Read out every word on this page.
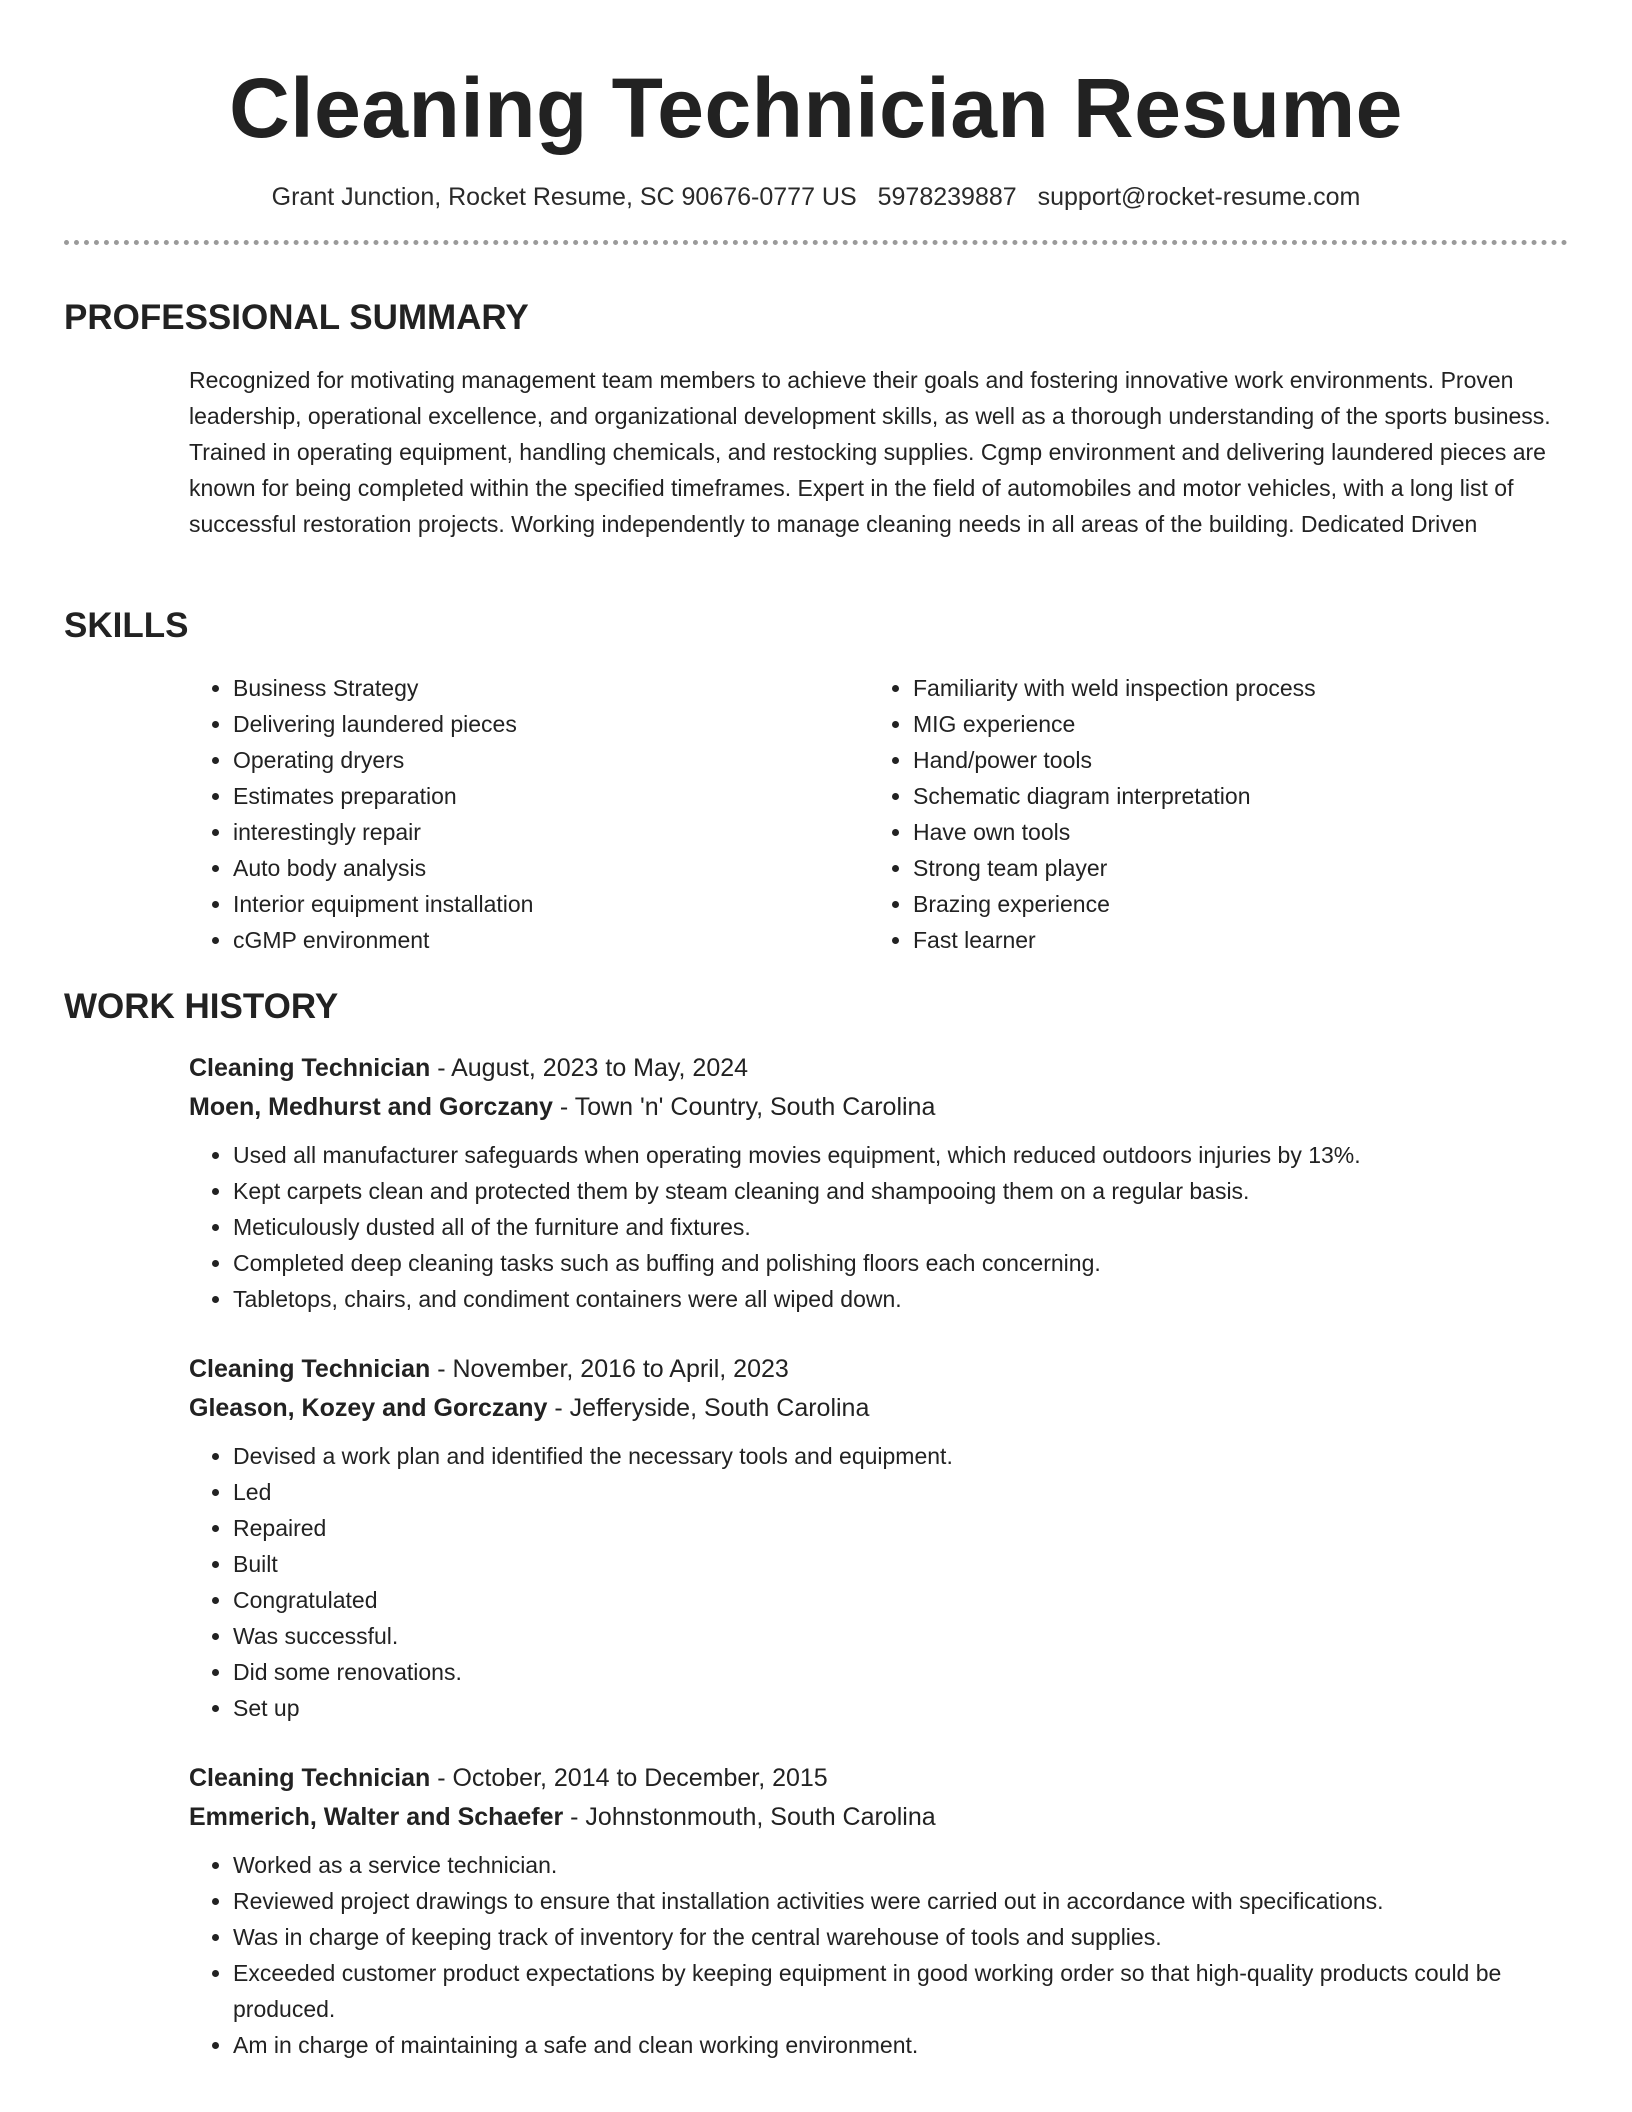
Cleaning Technician Resume
Grant Junction, Rocket Resume, SC 90676-0777 US 5978239887 support@rocket-resume.com
PROFESSIONAL SUMMARY

Recognized for motivating management team members to achieve their goals and fostering innovative work environments. Proven leadership, operational excellence, and organizational development skills, as well as a thorough understanding of the sports business. Trained in operating equipment, handling chemicals, and restocking supplies. Cgmp environment and delivering laundered pieces are known for being completed within the specified timeframes. Expert in the field of automobiles and motor vehicles, with a long list of successful restoration projects. Working independently to manage cleaning needs in all areas of the building. Dedicated Driven

SKILLS
• Business Strategy
• Delivering laundered pieces
• Operating dryers
• Estimates preparation
• interestingly repair
• Auto body analysis
• Interior equipment installation
• cGMP environment
• Familiarity with weld inspection process
• MIG experience
• Hand/power tools
• Schematic diagram interpretation
• Have own tools
• Strong team player
• Brazing experience
• Fast learner
WORK HISTORY

Cleaning Technician - August, 2023 to May, 2024

Moen, Medhurst and Gorczany - Town 'n' Country, South Carolina

• Used all manufacturer safeguards when operating movies equipment, which reduced outdoors injuries by 13%.
• Kept carpets clean and protected them by steam cleaning and shampooing them on a regular basis.
• Meticulously dusted all of the furniture and fixtures.
• Completed deep cleaning tasks such as buffing and polishing floors each concerning.
• Tabletops, chairs, and condiment containers were all wiped down.

Cleaning Technician - November, 2016 to April, 2023

Gleason, Kozey and Gorczany - Jefferyside, South Carolina

• Devised a work plan and identified the necessary tools and equipment.
• Led
• Repaired
• Built
• Congratulated
• Was successful.
• Did some renovations.
• Set up

Cleaning Technician - October, 2014 to December, 2015

Emmerich, Walter and Schaefer - Johnstonmouth, South Carolina

• Worked as a service technician.
• Reviewed project drawings to ensure that installation activities were carried out in accordance with specifications.
• Was in charge of keeping track of inventory for the central warehouse of tools and supplies.
• Exceeded customer product expectations by keeping equipment in good working order so that high-quality products could be produced.
• Am in charge of maintaining a safe and clean working environment.
